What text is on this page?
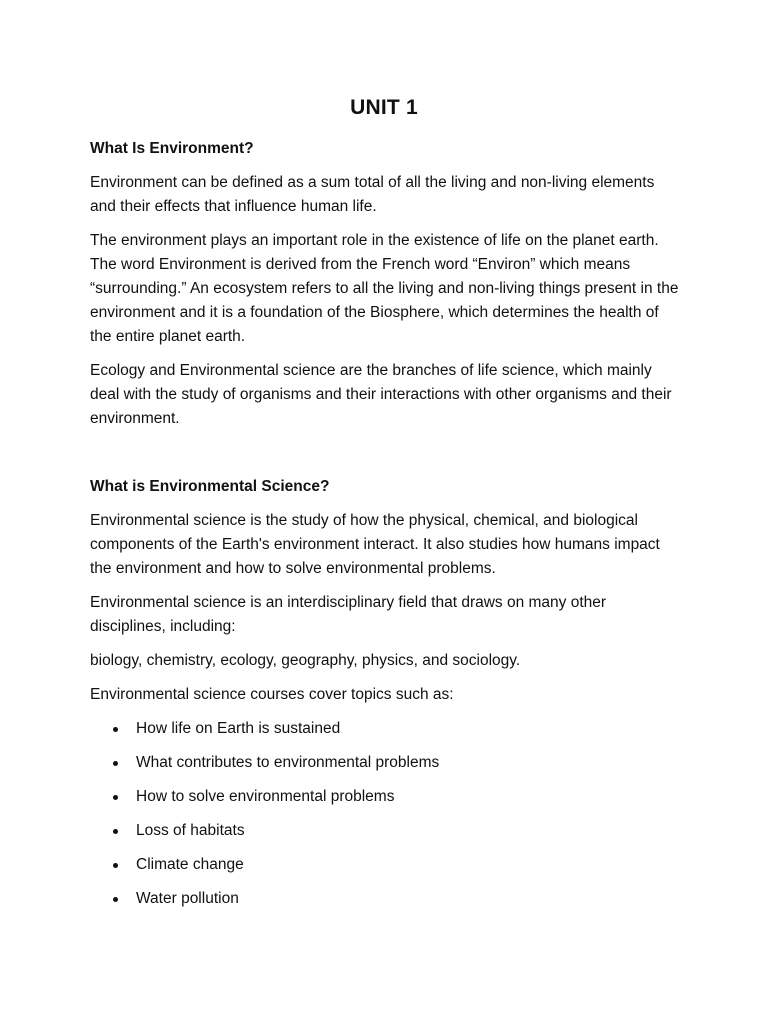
UNIT 1
What Is Environment?

Environment can be defined as a sum total of all the living and non-living elements and their effects that influence human life.

The environment plays an important role in the existence of life on the planet earth. The word Environment is derived from the French word “Environ” which means “surrounding.” An ecosystem refers to all the living and non-living things present in the environment and it is a foundation of the Biosphere, which determines the health of the entire planet earth.

Ecology and Environmental science are the branches of life science, which mainly deal with the study of organisms and their interactions with other organisms and their environment.

What is Environmental Science?

Environmental science is the study of how the physical, chemical, and biological components of the Earth's environment interact. It also studies how humans impact the environment and how to solve environmental problems.

Environmental science is an interdisciplinary field that draws on many other disciplines, including:

biology, chemistry, ecology, geography, physics, and sociology.

Environmental science courses cover topics such as:

How life on Earth is sustained
What contributes to environmental problems
How to solve environmental problems
Loss of habitats
Climate change
Water pollution
